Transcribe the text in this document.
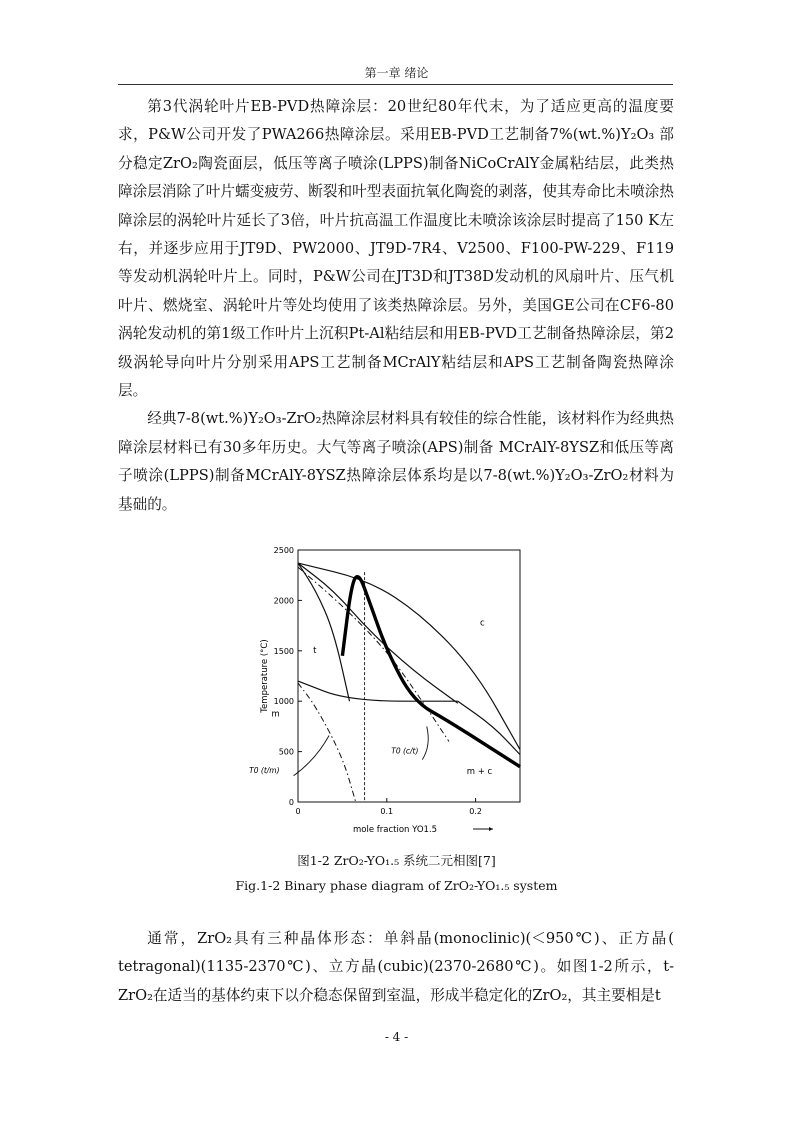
第一章 绪论

第3代涡轮叶片EB-PVD热障涂层：20世纪80年代末，为了适应更高的温度要求，P&W公司开发了PWA266热障涂层。采用EB-PVD工艺制备7%(wt.%)Y₂O₃ 部分稳定ZrO₂陶瓷面层，低压等离子喷涂(LPPS)制备NiCoCrAlY金属粘结层，此类热障涂层消除了叶片蠕变疲劳、断裂和叶型表面抗氧化陶瓷的剥落，使其寿命比未喷涂热障涂层的涡轮叶片延长了3倍，叶片抗高温工作温度比未喷涂该涂层时提高了150 K左右，并逐步应用于JT9D、PW2000、JT9D-7R4、V2500、F100-PW-229、F119等发动机涡轮叶片上。同时，P&W公司在JT3D和JT38D发动机的风扇叶片、压气机叶片、燃烧室、涡轮叶片等处均使用了该类热障涂层。另外，美国GE公司在CF6-80涡轮发动机的第1级工作叶片上沉积Pt-Al粘结层和用EB-PVD工艺制备热障涂层，第2级涡轮导向叶片分别采用APS工艺制备MCrAlY粘结层和APS工艺制备陶瓷热障涂层。

经典7-8(wt.%)Y₂O₃-ZrO₂热障涂层材料具有较佳的综合性能，该材料作为经典热障涂层材料已有30多年历史。大气等离子喷涂(APS)制备 MCrAlY-8YSZ和低压等离子喷涂(LPPS)制备MCrAlY-8YSZ热障涂层体系均是以7-8(wt.%)Y₂O₃-ZrO₂材料为基础的。

0
500
1000
1500
2000
2500
0	0.1	0.2
Temperature (°C)
mole fraction YO1.5
t
c
m
m + c
T0 (t/m)
T0 (c/t)
图1-2 ZrO₂-YO₁.₅ 系统二元相图[7]
Fig.1-2 Binary phase diagram of ZrO₂-YO₁.₅ system

通常，ZrO₂具有三种晶体形态：单斜晶(monoclinic)(＜950℃)、正方晶( tetragonal)(1135-2370℃)、立方晶(cubic)(2370-2680℃)。如图1-2所示，t-ZrO₂在适当的基体约束下以介稳态保留到室温，形成半稳定化的ZrO₂，其主要相是t

- 4 -
